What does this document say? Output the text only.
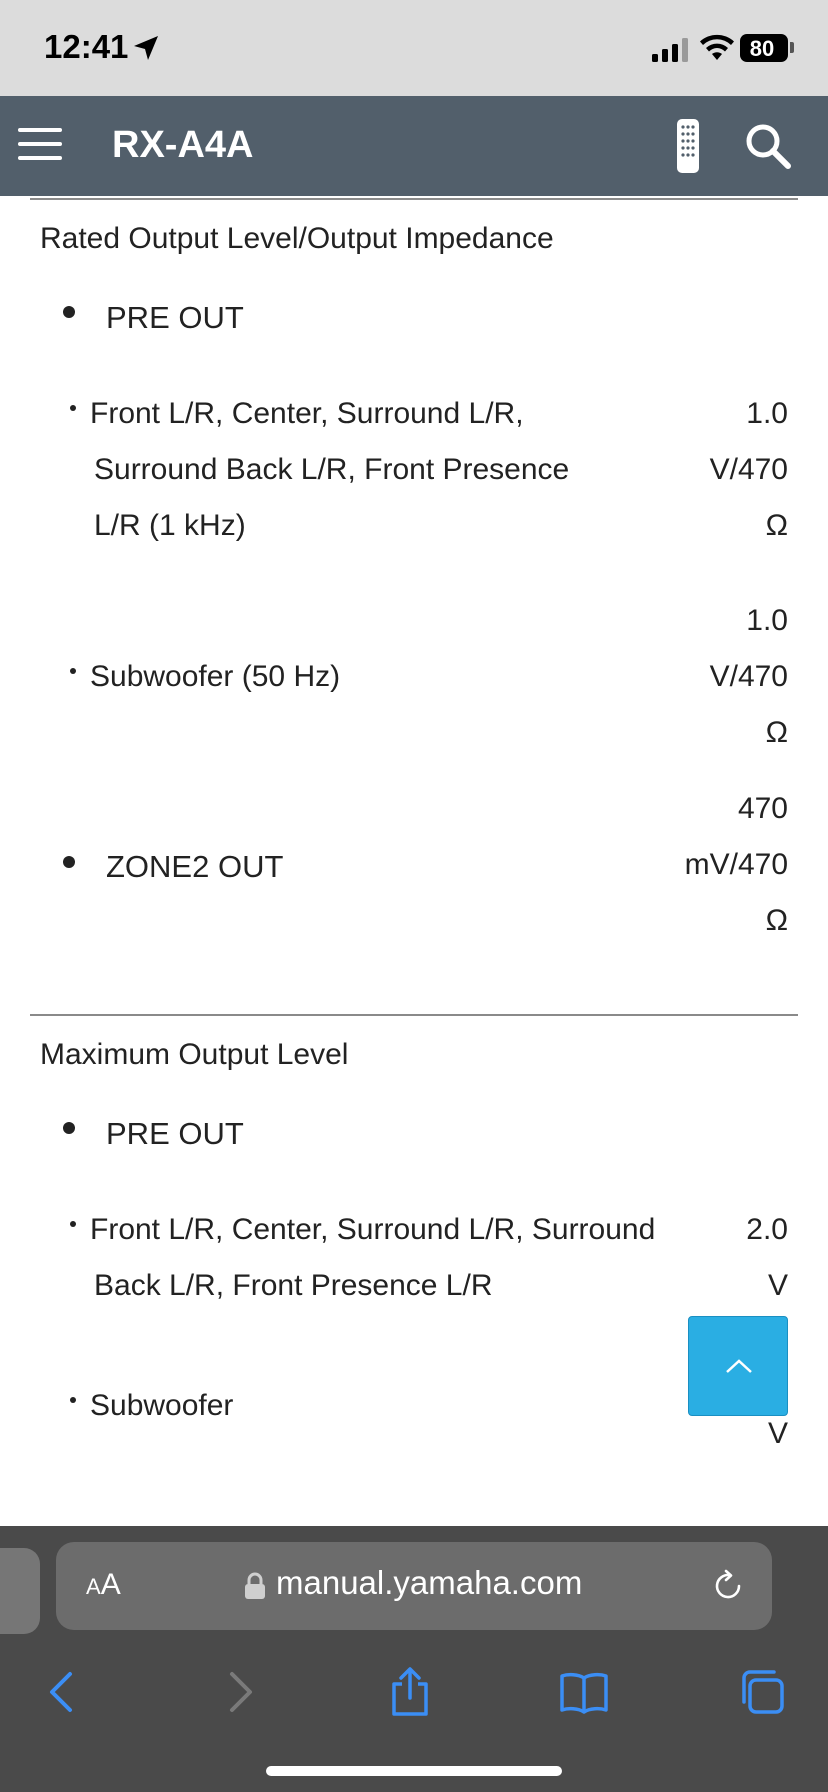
12:41	80
RX-A4A
Rated Output Level/Output Impedance
PRE OUT
Front L/R, Center, Surround L/R,
Surround Back L/R, Front Presence
L/R (1 kHz)
1.0
V/470
Ω
Subwoofer (50 Hz)
1.0
V/470
Ω
ZONE2 OUT
470
mV/470
Ω
Maximum Output Level
PRE OUT
Front L/R, Center, Surround L/R, Surround
Back L/R, Front Presence L/R
2.0
V
Subwoofer
V
AA	manual.yamaha.com
